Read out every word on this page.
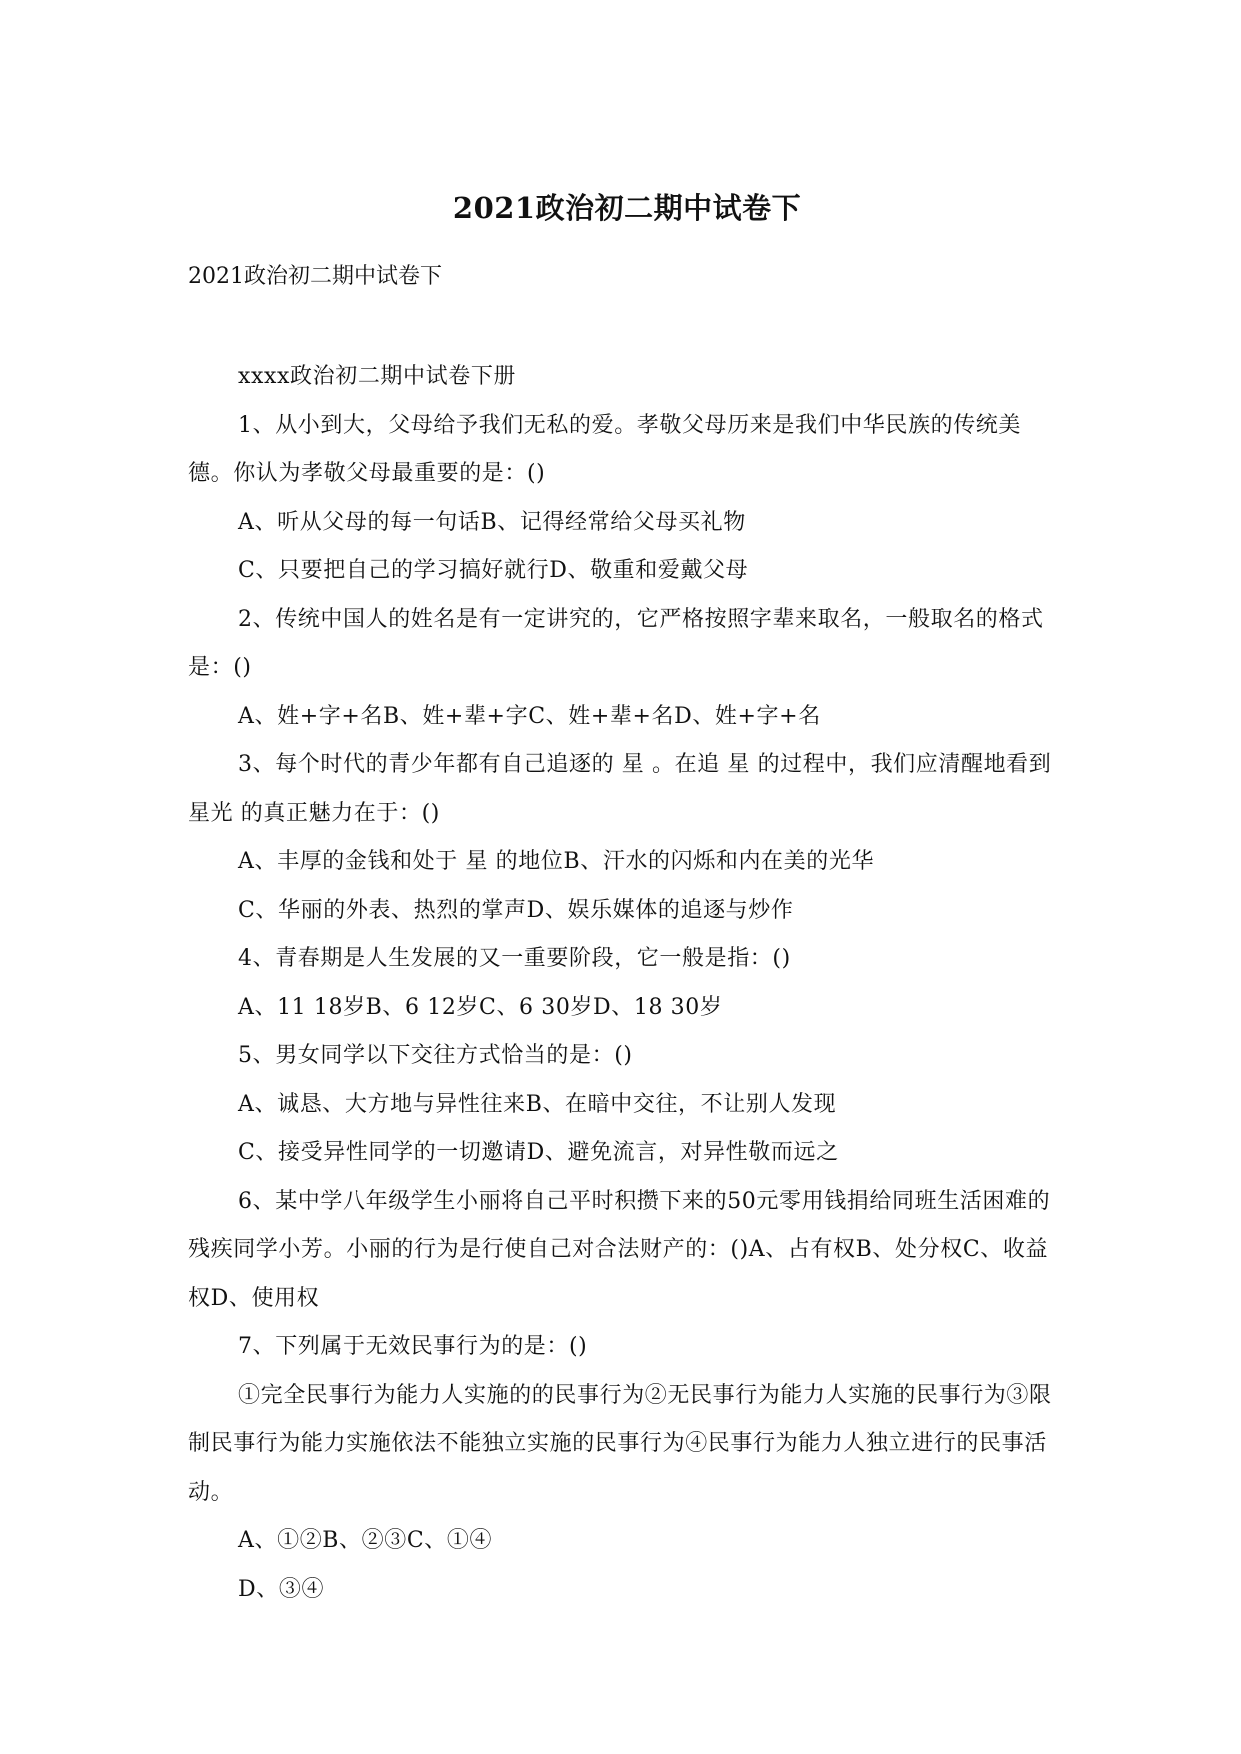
2021政治初二期中试卷下
2021政治初二期中试卷下

xxxx政治初二期中试卷下册

1、从小到大，父母给予我们无私的爱。孝敬父母历来是我们中华民族的传统美德。你认为孝敬父母最重要的是：()

A、听从父母的每一句话B、记得经常给父母买礼物

C、只要把自己的学习搞好就行D、敬重和爱戴父母

2、传统中国人的姓名是有一定讲究的，它严格按照字辈来取名，一般取名的格式是：()

A、姓+字+名B、姓+辈+字C、姓+辈+名D、姓+字+名

3、每个时代的青少年都有自己追逐的 星 。在追 星 的过程中，我们应清醒地看到 星光 的真正魅力在于：()

A、丰厚的金钱和处于 星 的地位B、汗水的闪烁和内在美的光华

C、华丽的外表、热烈的掌声D、娱乐媒体的追逐与炒作

4、青春期是人生发展的又一重要阶段，它一般是指：()

A、11 18岁B、6 12岁C、6 30岁D、18 30岁

5、男女同学以下交往方式恰当的是：()

A、诚恳、大方地与异性往来B、在暗中交往，不让别人发现

C、接受异性同学的一切邀请D、避免流言，对异性敬而远之

6、某中学八年级学生小丽将自己平时积攒下来的50元零用钱捐给同班生活困难的残疾同学小芳。小丽的行为是行使自己对合法财产的：()A、占有权B、处分权C、收益权D、使用权

7、下列属于无效民事行为的是：()

①完全民事行为能力人实施的的民事行为②无民事行为能力人实施的民事行为③限制民事行为能力实施依法不能独立实施的民事行为④民事行为能力人独立进行的民事活动。

A、①②B、②③C、①④

D、③④
